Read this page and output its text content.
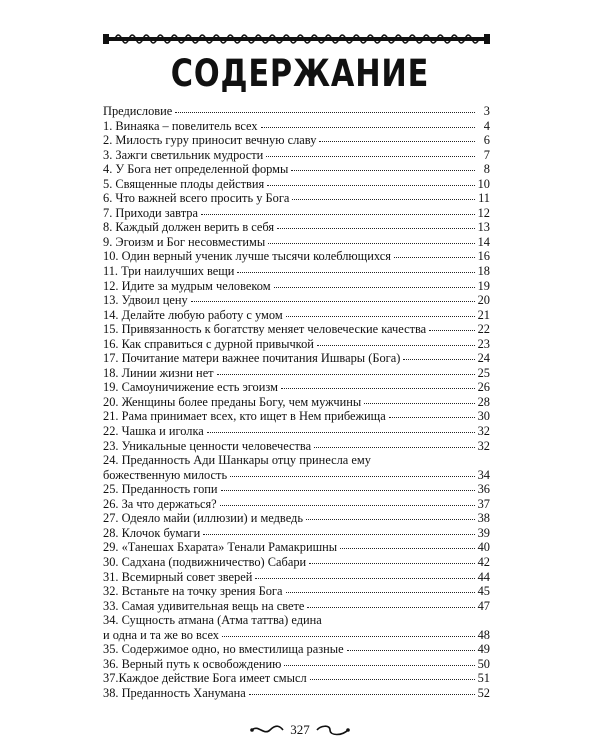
СОДЕРЖАНИЕ
Предисловие	3
1. Винаяка – повелитель всех	4
2. Милость гуру приносит вечную славу	6
3. Зажги светильник мудрости	7
4. У Бога нет определенной формы	8
5. Священные плоды действия	10
6. Что важней всего просить у Бога	11
7. Приходи завтра	12
8. Каждый должен верить в себя	13
9. Эгоизм и Бог несовместимы	14
10. Один верный ученик лучше тысячи колеблющихся	16
11. Три наилучших вещи	18
12. Идите за мудрым человеком	19
13. Удвоил цену	20
14. Делайте любую работу с умом	21
15. Привязанность к богатству меняет человеческие качества	22
16. Как справиться с дурной привычкой	23
17. Почитание матери важнее почитания Ишвары (Бога)	24
18. Линии жизни нет	25
19. Самоуничижение есть эгоизм	26
20. Женщины более преданы Богу, чем мужчины	28
21. Рама принимает всех, кто ищет в Нем прибежища	30
22. Чашка и иголка	32
23. Уникальные ценности человечества	32
24. Преданность Ади Шанкары отцу принесла ему
божественную милость	34
25. Преданность гопи	36
26. За что держаться?	37
27. Одеяло майи (иллюзии) и медведь	38
28. Клочок бумаги	39
29. «Танешах Бхарата» Тенали Рамакришны	40
30. Садхана (подвижничество) Сабари	42
31. Всемирный совет зверей	44
32. Встаньте на точку зрения Бога	45
33. Самая удивительная вещь на свете	47
34. Сущность атмана (Атма таттва) едина
и одна и та же во всех	48
35. Содержимое одно, но вместилища разные	49
36. Верный путь к освобождению	50
37.Каждое действие Бога имеет смысл	51
38. Преданность Ханумана	52
327
